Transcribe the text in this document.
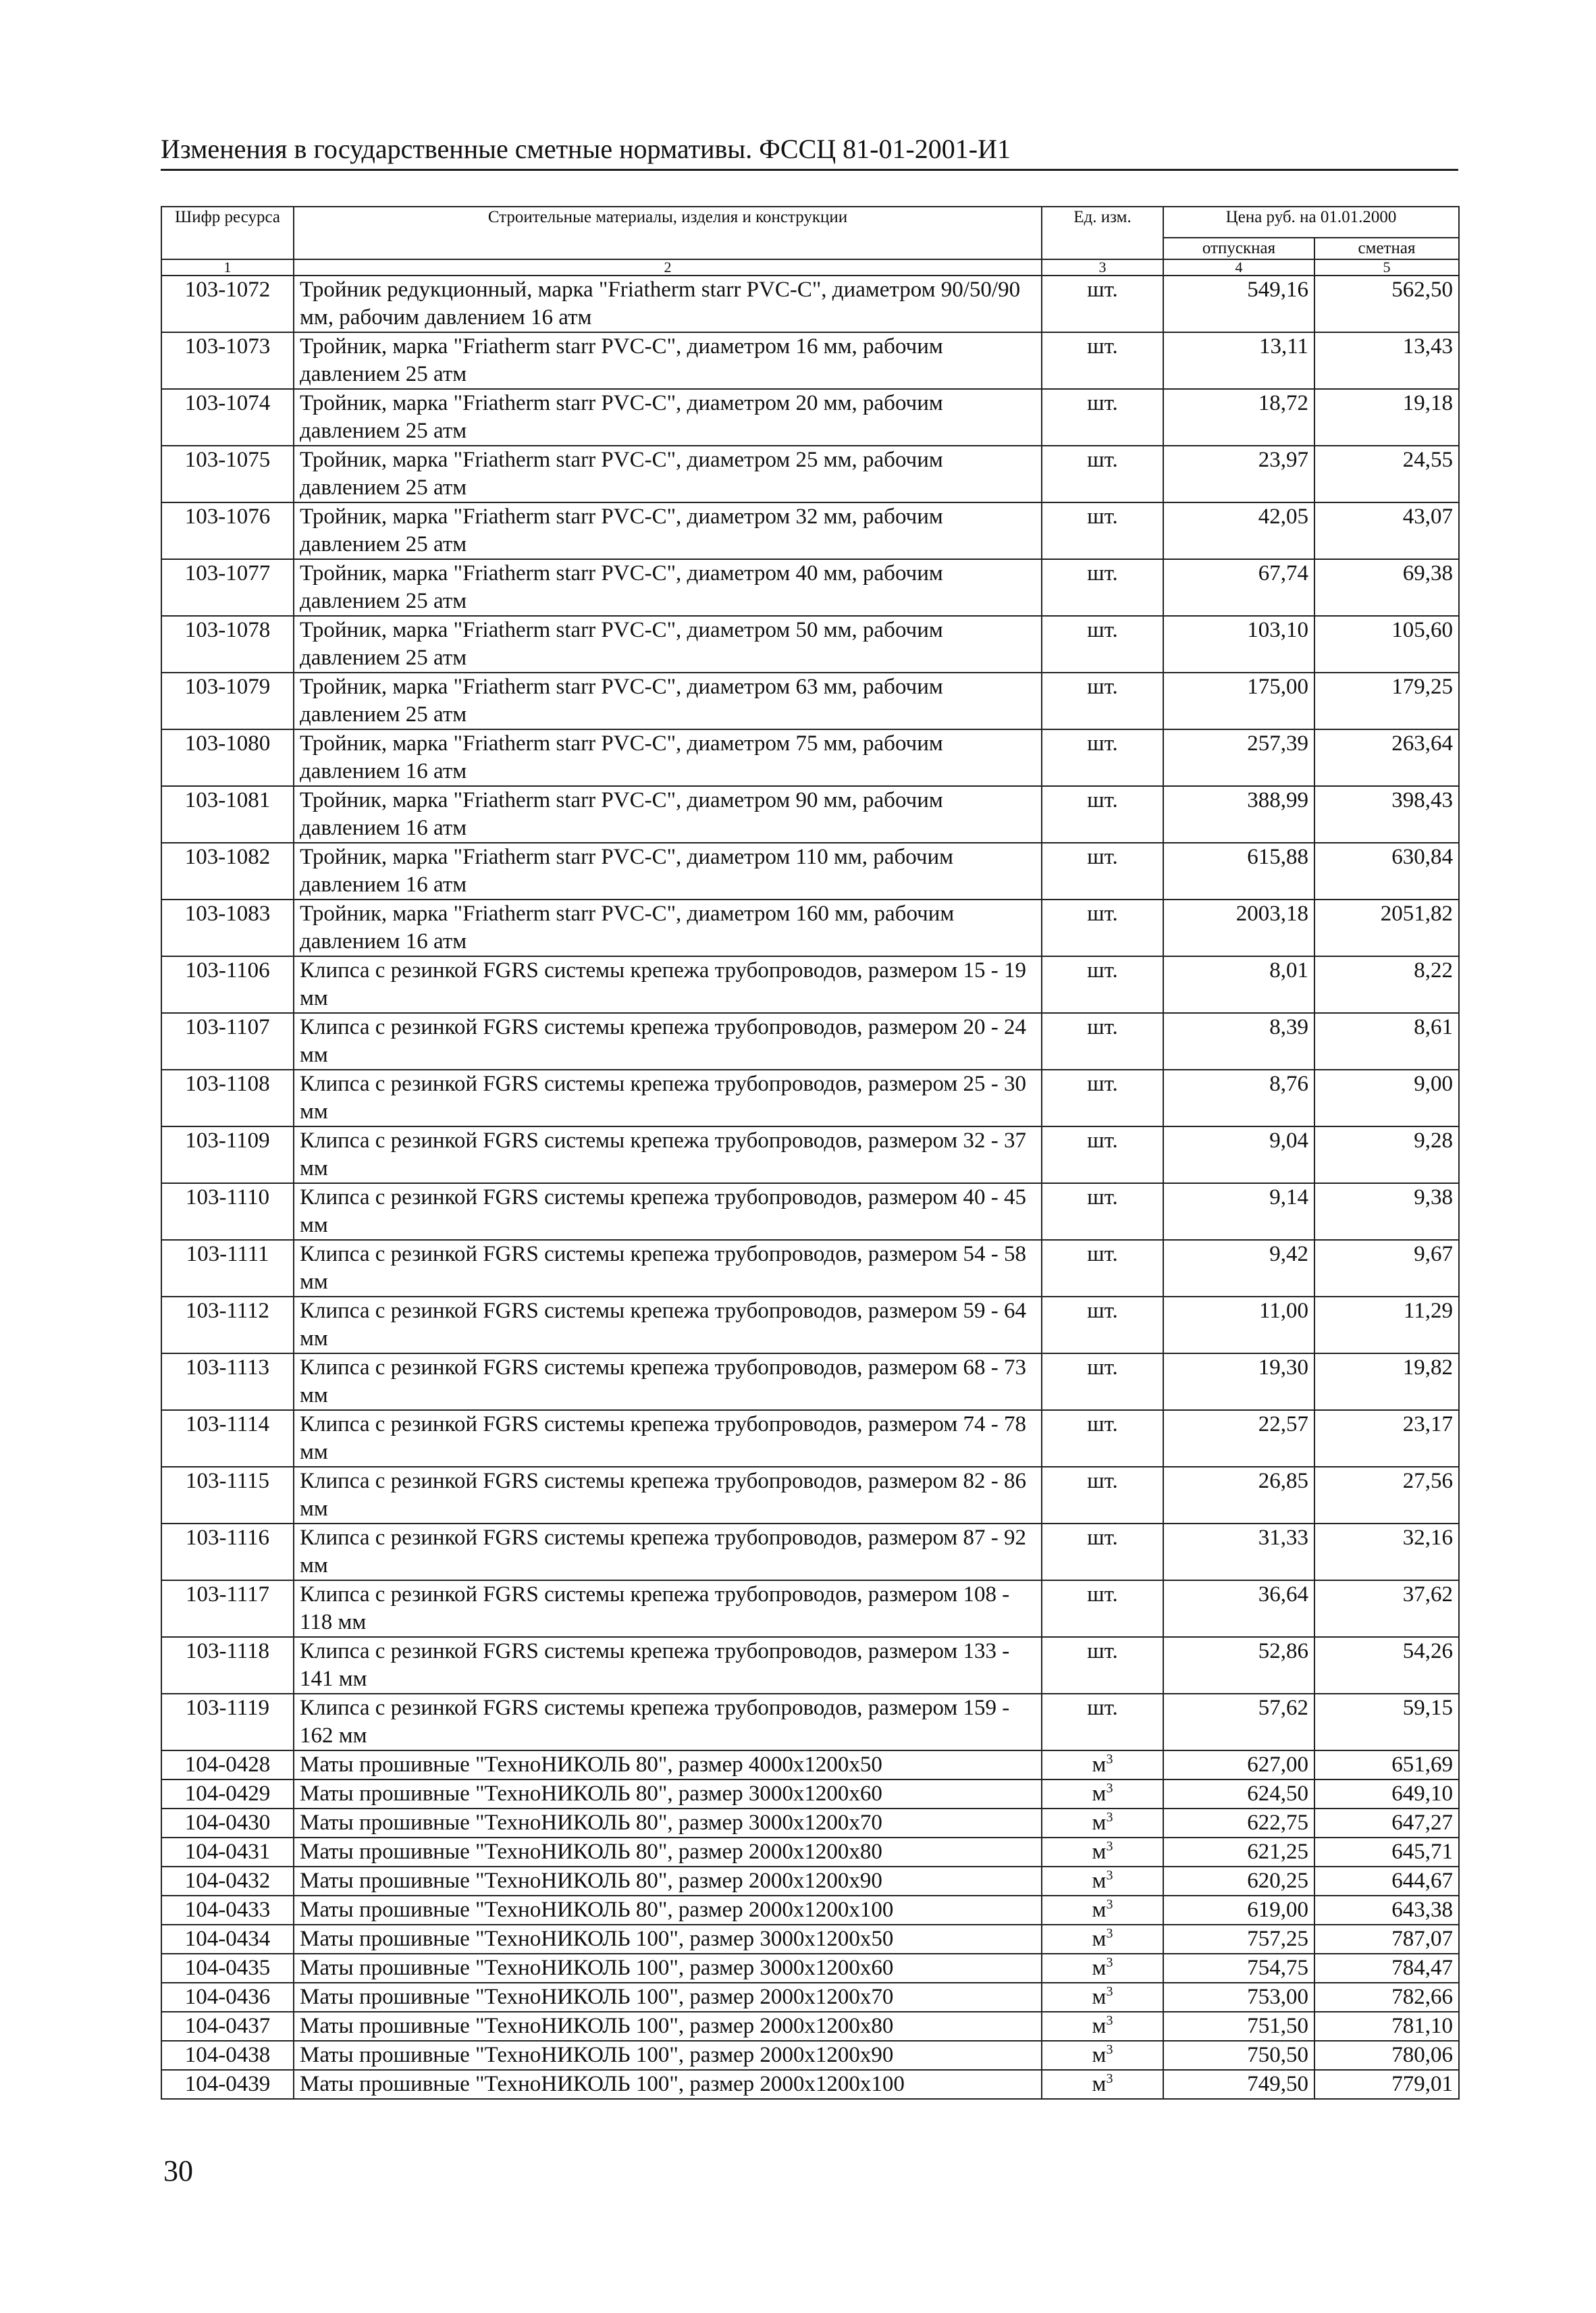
Изменения в государственные сметные нормативы. ФССЦ 81-01-2001-И1
Шифр ресурса	Строительные материалы, изделия и конструкции	Ед. изм.	Цена руб. на 01.01.2000	
			отпускная	сметная
1	2	3	4	5
103-1072	Тройник редукционный, марка "Friatherm starr PVC-C", диаметром 90/50/90 мм, рабочим давлением 16 атм	шт.	549,16	562,50
103-1073	Тройник, марка "Friatherm starr PVC-C", диаметром 16 мм, рабочим давлением 25 атм	шт.	13,11	13,43
103-1074	Тройник, марка "Friatherm starr PVC-C", диаметром 20 мм, рабочим давлением 25 атм	шт.	18,72	19,18
103-1075	Тройник, марка "Friatherm starr PVC-C", диаметром 25 мм, рабочим давлением 25 атм	шт.	23,97	24,55
103-1076	Тройник, марка "Friatherm starr PVC-C", диаметром 32 мм, рабочим давлением 25 атм	шт.	42,05	43,07
103-1077	Тройник, марка "Friatherm starr PVC-C", диаметром 40 мм, рабочим давлением 25 атм	шт.	67,74	69,38
103-1078	Тройник, марка "Friatherm starr PVC-C", диаметром 50 мм, рабочим давлением 25 атм	шт.	103,10	105,60
103-1079	Тройник, марка "Friatherm starr PVC-C", диаметром 63 мм, рабочим давлением 25 атм	шт.	175,00	179,25
103-1080	Тройник, марка "Friatherm starr PVC-C", диаметром 75 мм, рабочим давлением 16 атм	шт.	257,39	263,64
103-1081	Тройник, марка "Friatherm starr PVC-C", диаметром 90 мм, рабочим давлением 16 атм	шт.	388,99	398,43
103-1082	Тройник, марка "Friatherm starr PVC-C", диаметром 110 мм, рабочим давлением 16 атм	шт.	615,88	630,84
103-1083	Тройник, марка "Friatherm starr PVC-C", диаметром 160 мм, рабочим давлением 16 атм	шт.	2003,18	2051,82
103-1106	Клипса с резинкой FGRS системы крепежа трубопроводов, размером 15 - 19 мм	шт.	8,01	8,22
103-1107	Клипса с резинкой FGRS системы крепежа трубопроводов, размером 20 - 24 мм	шт.	8,39	8,61
103-1108	Клипса с резинкой FGRS системы крепежа трубопроводов, размером 25 - 30 мм	шт.	8,76	9,00
103-1109	Клипса с резинкой FGRS системы крепежа трубопроводов, размером 32 - 37 мм	шт.	9,04	9,28
103-1110	Клипса с резинкой FGRS системы крепежа трубопроводов, размером 40 - 45 мм	шт.	9,14	9,38
103-1111	Клипса с резинкой FGRS системы крепежа трубопроводов, размером 54 - 58 мм	шт.	9,42	9,67
103-1112	Клипса с резинкой FGRS системы крепежа трубопроводов, размером 59 - 64 мм	шт.	11,00	11,29
103-1113	Клипса с резинкой FGRS системы крепежа трубопроводов, размером 68 - 73 мм	шт.	19,30	19,82
103-1114	Клипса с резинкой FGRS системы крепежа трубопроводов, размером 74 - 78 мм	шт.	22,57	23,17
103-1115	Клипса с резинкой FGRS системы крепежа трубопроводов, размером 82 - 86 мм	шт.	26,85	27,56
103-1116	Клипса с резинкой FGRS системы крепежа трубопроводов, размером 87 - 92 мм	шт.	31,33	32,16
103-1117	Клипса с резинкой FGRS системы крепежа трубопроводов, размером 108 - 118 мм	шт.	36,64	37,62
103-1118	Клипса с резинкой FGRS системы крепежа трубопроводов, размером 133 - 141 мм	шт.	52,86	54,26
103-1119	Клипса с резинкой FGRS системы крепежа трубопроводов, размером 159 - 162 мм	шт.	57,62	59,15
104-0428	Маты прошивные "ТехноНИКОЛЬ 80", размер 4000х1200х50	$м^3$	627,00	651,69
104-0429	Маты прошивные "ТехноНИКОЛЬ 80", размер 3000х1200х60	$м^3$	624,50	649,10
104-0430	Маты прошивные "ТехноНИКОЛЬ 80", размер 3000х1200х70	$м^3$	622,75	647,27
104-0431	Маты прошивные "ТехноНИКОЛЬ 80", размер 2000х1200х80	$м^3$	621,25	645,71
104-0432	Маты прошивные "ТехноНИКОЛЬ 80", размер 2000х1200х90	$м^3$	620,25	644,67
104-0433	Маты прошивные "ТехноНИКОЛЬ 80", размер 2000х1200х100	$м^3$	619,00	643,38
104-0434	Маты прошивные "ТехноНИКОЛЬ 100", размер 3000х1200х50	$м^3$	757,25	787,07
104-0435	Маты прошивные "ТехноНИКОЛЬ 100", размер 3000х1200х60	$м^3$	754,75	784,47
104-0436	Маты прошивные "ТехноНИКОЛЬ 100", размер 2000х1200х70	$м^3$	753,00	782,66
104-0437	Маты прошивные "ТехноНИКОЛЬ 100", размер 2000х1200х80	$м^3$	751,50	781,10
104-0438	Маты прошивные "ТехноНИКОЛЬ 100", размер 2000х1200х90	$м^3$	750,50	780,06
104-0439	Маты прошивные "ТехноНИКОЛЬ 100", размер 2000х1200х100	$м^3$	749,50	779,01
30
